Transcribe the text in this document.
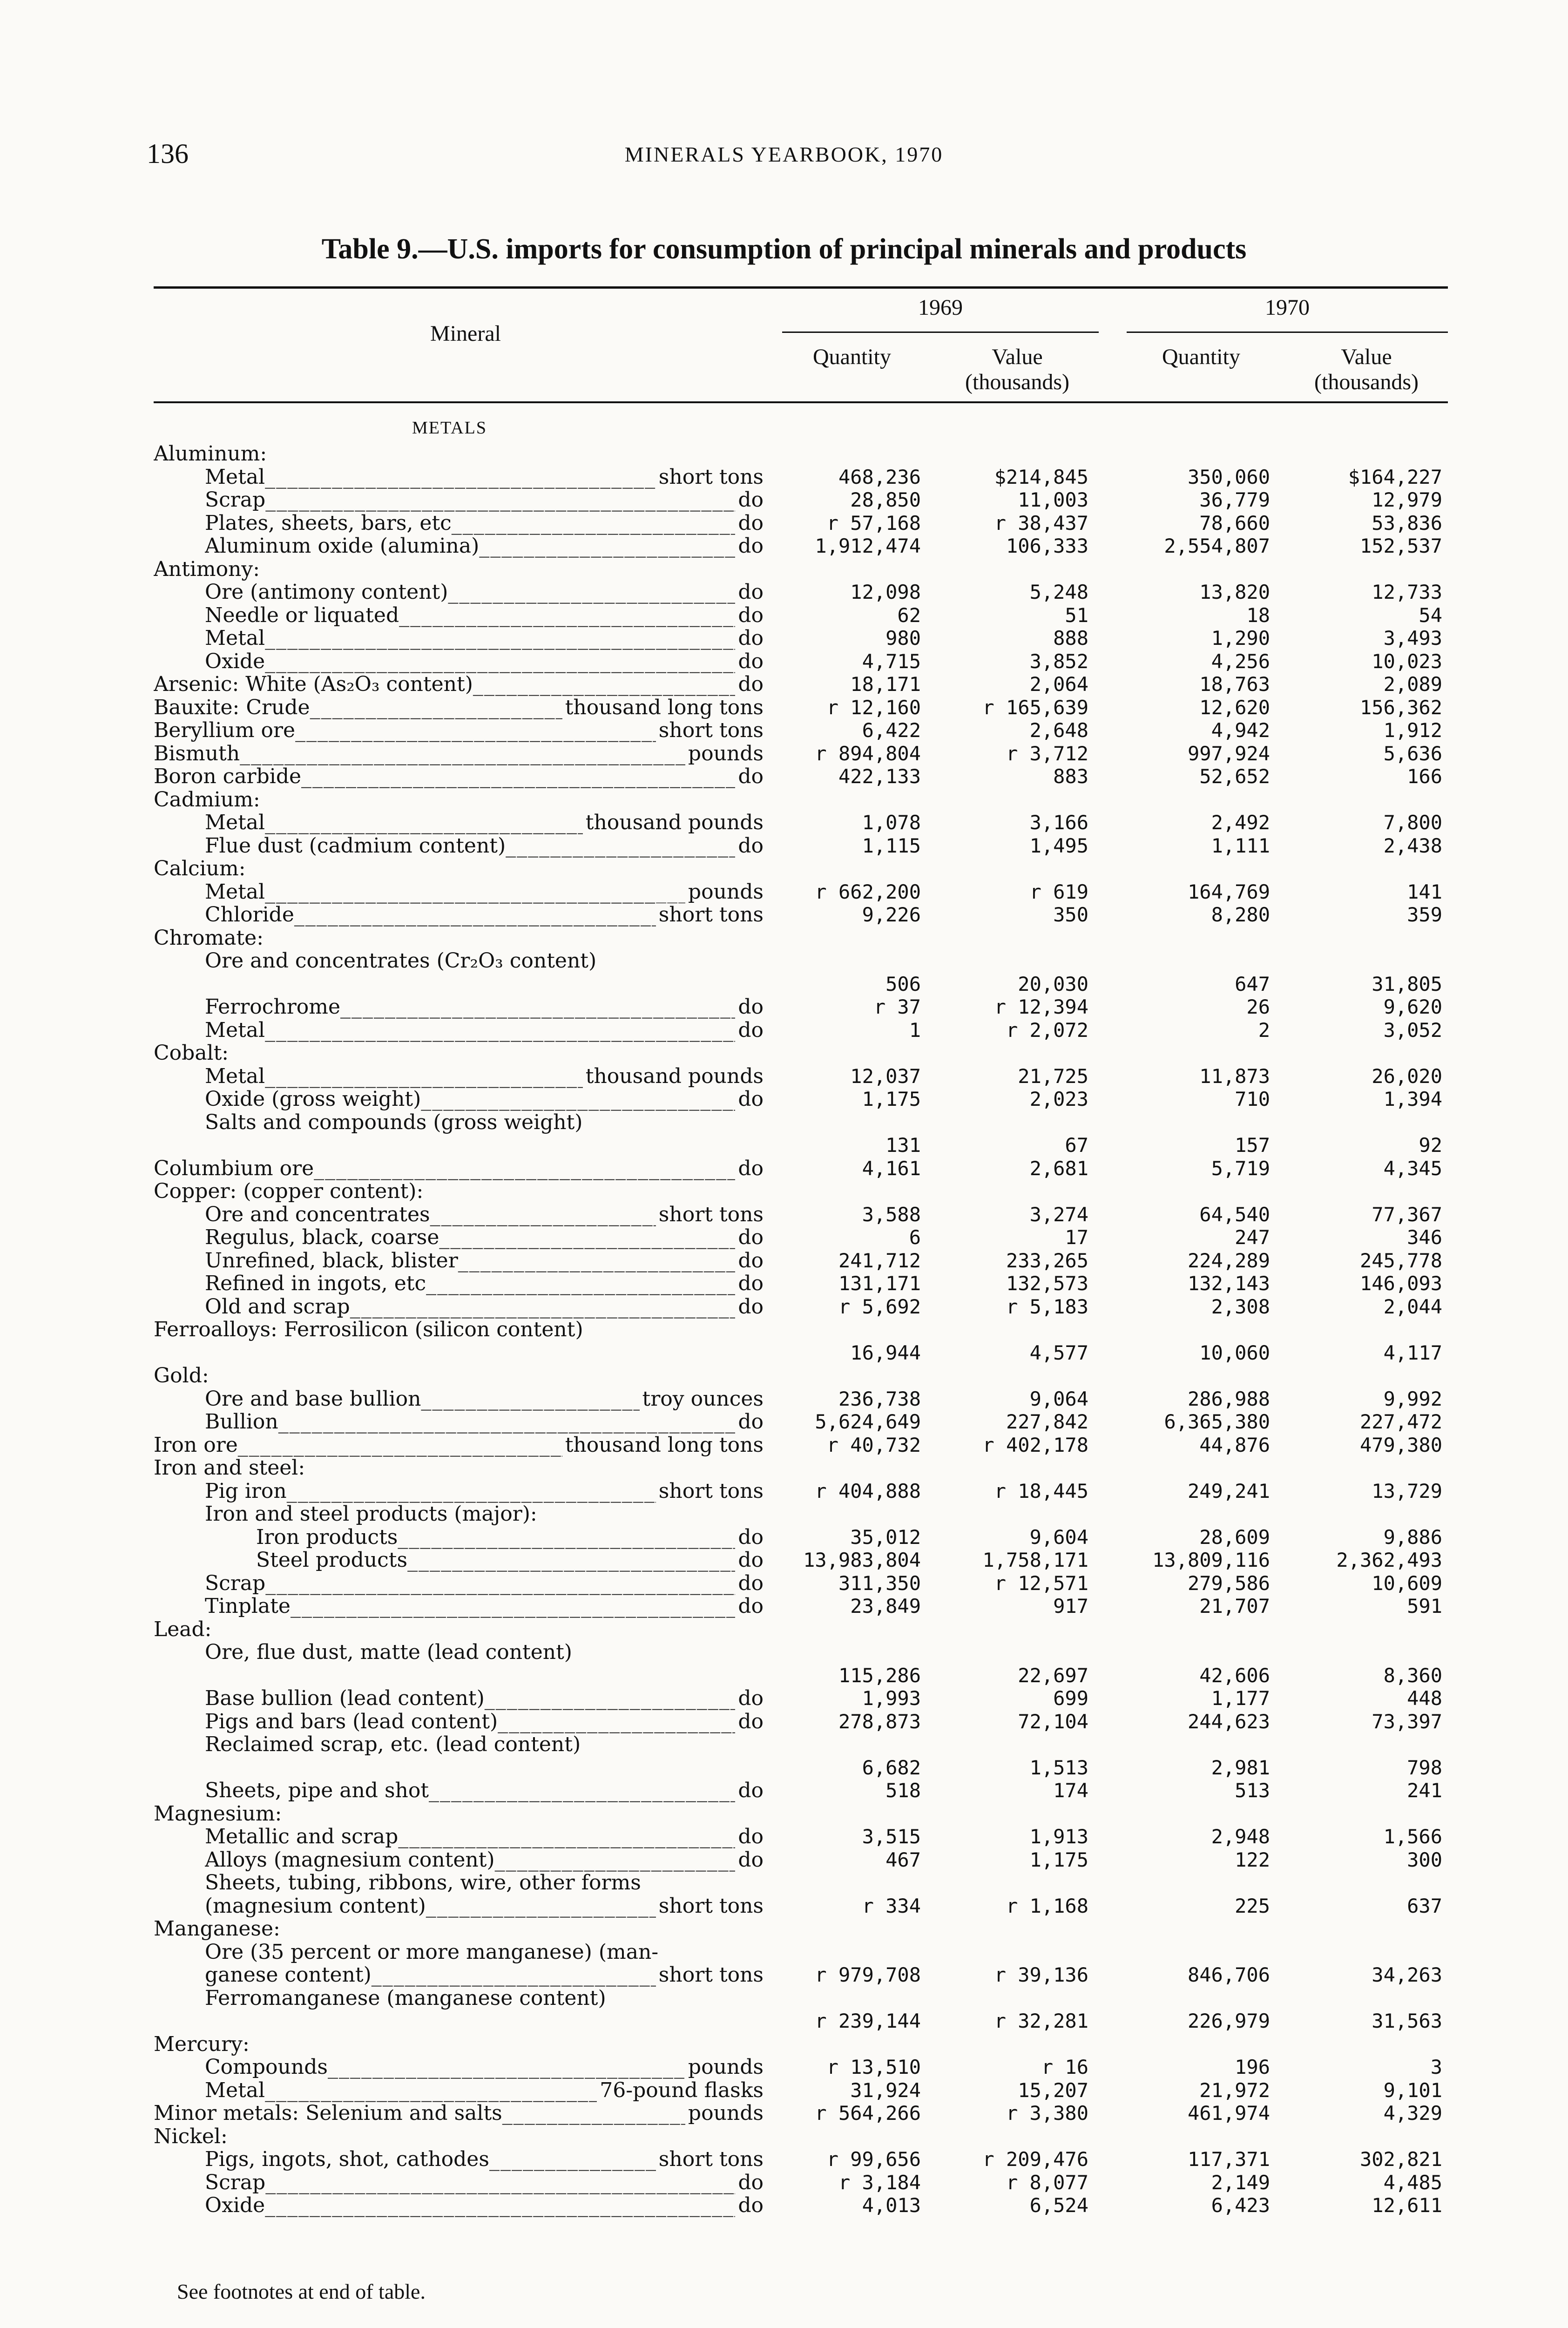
136	MINERALS YEARBOOK, 1970
Table 9.—U.S. imports for consumption of principal minerals and products
Mineral
1969	1970
Quantity	Value
(thousands)
Quantity	Value
(thousands)
METALS
Aluminum:
Metal _____	short tons	468,236	$214,845	350,060	$164,227
Scrap _____	do	28,850	11,003	36,779	12,979
Plates, sheets, bars, etc _____	do	r 57,168	r 38,437	78,660	53,836
Aluminum oxide (alumina) _____	do	1,912,474	106,333	2,554,807	152,537
Antimony:
Ore (antimony content) _____	do	12,098	5,248	13,820	12,733
Needle or liquated _____	do	62	51	18	54
Metal _____	do	980	888	1,290	3,493
Oxide _____	do	4,715	3,852	4,256	10,023
Arsenic: White (As₂O₃ content) _____	do	18,171	2,064	18,763	2,089
Bauxite: Crude _____	thousand long tons	r 12,160	r 165,639	12,620	156,362
Beryllium ore _____	short tons	6,422	2,648	4,942	1,912
Bismuth _____	pounds	r 894,804	r 3,712	997,924	5,636
Boron carbide _____	do	422,133	883	52,652	166
Cadmium:
Metal _____	thousand pounds	1,078	3,166	2,492	7,800
Flue dust (cadmium content) _____	do	1,115	1,495	1,111	2,438
Calcium:
Metal _____	pounds	r 662,200	r 619	164,769	141
Chloride _____	short tons	9,226	350	8,280	359
Chromate:
Ore and concentrates (Cr₂O₃ content)
506	20,030	647	31,805
Ferrochrome _____	do	r 37	r 12,394	26	9,620
Metal _____	do	1	r 2,072	2	3,052
Cobalt:
Metal _____	thousand pounds	12,037	21,725	11,873	26,020
Oxide (gross weight) _____	do	1,175	2,023	710	1,394
Salts and compounds (gross weight)
131	67	157	92
Columbium ore _____	do	4,161	2,681	5,719	4,345
Copper: (copper content):
Ore and concentrates _____	short tons	3,588	3,274	64,540	77,367
Regulus, black, coarse _____	do	6	17	247	346
Unrefined, black, blister _____	do	241,712	233,265	224,289	245,778
Refined in ingots, etc _____	do	131,171	132,573	132,143	146,093
Old and scrap _____	do	r 5,692	r 5,183	2,308	2,044
Ferroalloys: Ferrosilicon (silicon content)
16,944	4,577	10,060	4,117
Gold:
Ore and base bullion _____	troy ounces	236,738	9,064	286,988	9,992
Bullion _____	do	5,624,649	227,842	6,365,380	227,472
Iron ore _____	thousand long tons	r 40,732	r 402,178	44,876	479,380
Iron and steel:
Pig iron _____	short tons	r 404,888	r 18,445	249,241	13,729
Iron and steel products (major):
Iron products _____	do	35,012	9,604	28,609	9,886
Steel products _____	do 13,983,804	1,758,171	13,809,116	2,362,493
Scrap _____	do	311,350	r 12,571	279,586	10,609
Tinplate _____	do	23,849	917	21,707	591
Lead:
Ore, flue dust, matte (lead content)
115,286	22,697	42,606	8,360
Base bullion (lead content) _____	do	1,993	699	1,177	448
Pigs and bars (lead content) _____	do	278,873	72,104	244,623	73,397
Reclaimed scrap, etc. (lead content)
6,682	1,513	2,981	798
Sheets, pipe and shot _____	do	518	174	513	241
Magnesium:
Metallic and scrap _____	do	3,515	1,913	2,948	1,566
Alloys (magnesium content) _____	do	467	1,175	122	300
Sheets, tubing, ribbons, wire, other forms
(magnesium content) _____	short tons	r 334	r 1,168	225	637
Manganese:
Ore (35 percent or more manganese) (man-
ganese content) _____	short tons	r 979,708	r 39,136	846,706	34,263
Ferromanganese (manganese content)
r 239,144	r 32,281	226,979	31,563
Mercury:
Compounds _____	pounds	r 13,510	r 16	196	3
Metal _____	76-pound flasks	31,924	15,207	21,972	9,101
Minor metals: Selenium and salts _____	pounds	r 564,266	r 3,380	461,974	4,329
Nickel:
Pigs, ingots, shot, cathodes _____	short tons	r 99,656	r 209,476	117,371	302,821
Scrap _____	do	r 3,184	r 8,077	2,149	4,485
Oxide _____	do	4,013	6,524	6,423	12,611
See footnotes at end of table.
